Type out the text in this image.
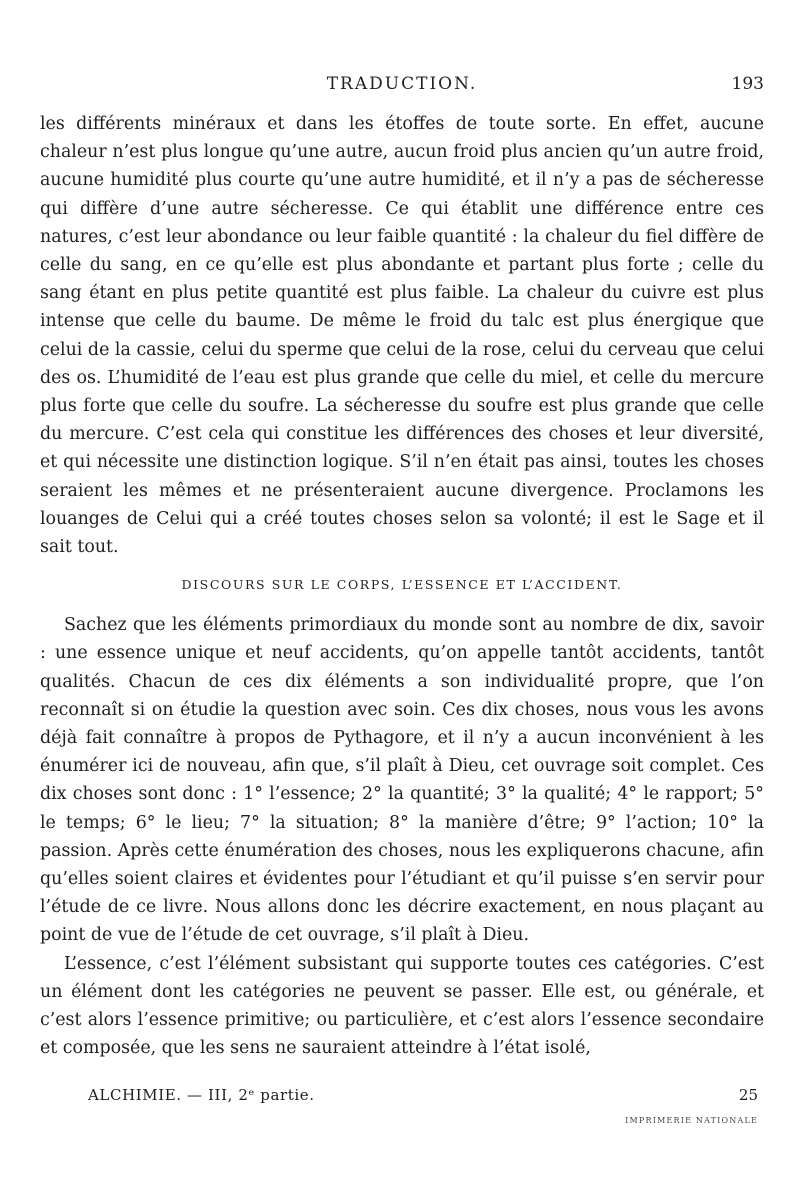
TRADUCTION.	193

les différents minéraux et dans les étoffes de toute sorte. En effet, aucune chaleur n’est plus longue qu’une autre, aucun froid plus ancien qu’un autre froid, aucune humidité plus courte qu’une autre humidité, et il n’y a pas de sécheresse qui diffère d’une autre sécheresse. Ce qui établit une différence entre ces natures, c’est leur abondance ou leur faible quantité : la chaleur du fiel diffère de celle du sang, en ce qu’elle est plus abondante et partant plus forte ; celle du sang étant en plus petite quantité est plus faible. La chaleur du cuivre est plus intense que celle du baume. De même le froid du talc est plus énergique que celui de la cassie, celui du sperme que celui de la rose, celui du cerveau que celui des os. L’humidité de l’eau est plus grande que celle du miel, et celle du mercure plus forte que celle du soufre. La sécheresse du soufre est plus grande que celle du mercure. C’est cela qui constitue les différences des choses et leur diversité, et qui nécessite une distinction logique. S’il n’en était pas ainsi, toutes les choses seraient les mêmes et ne présenteraient aucune divergence. Proclamons les louanges de Celui qui a créé toutes choses selon sa volonté; il est le Sage et il sait tout.

DISCOURS SUR LE CORPS, L’ESSENCE ET L’ACCIDENT.

Sachez que les éléments primordiaux du monde sont au nombre de dix, savoir : une essence unique et neuf accidents, qu’on appelle tantôt accidents, tantôt qualités. Chacun de ces dix éléments a son individualité propre, que l’on reconnaît si on étudie la question avec soin. Ces dix choses, nous vous les avons déjà fait connaître à propos de Pythagore, et il n’y a aucun inconvénient à les énumérer ici de nouveau, afin que, s’il plaît à Dieu, cet ouvrage soit complet. Ces dix choses sont donc : 1° l’essence; 2° la quantité; 3° la qualité; 4° le rapport; 5° le temps; 6° le lieu; 7° la situation; 8° la manière d’être; 9° l’action; 10° la passion. Après cette énumération des choses, nous les expliquerons chacune, afin qu’elles soient claires et évidentes pour l’étudiant et qu’il puisse s’en servir pour l’étude de ce livre. Nous allons donc les décrire exactement, en nous plaçant au point de vue de l’étude de cet ouvrage, s’il plaît à Dieu.

L’essence, c’est l’élément subsistant qui supporte toutes ces catégories. C’est un élément dont les catégories ne peuvent se passer. Elle est, ou générale, et c’est alors l’essence primitive; ou particulière, et c’est alors l’essence secondaire et composée, que les sens ne sauraient atteindre à l’état isolé,

ALCHIMIE. — III, 2ᵉ partie.	25
IMPRIMERIE NATIONALE
